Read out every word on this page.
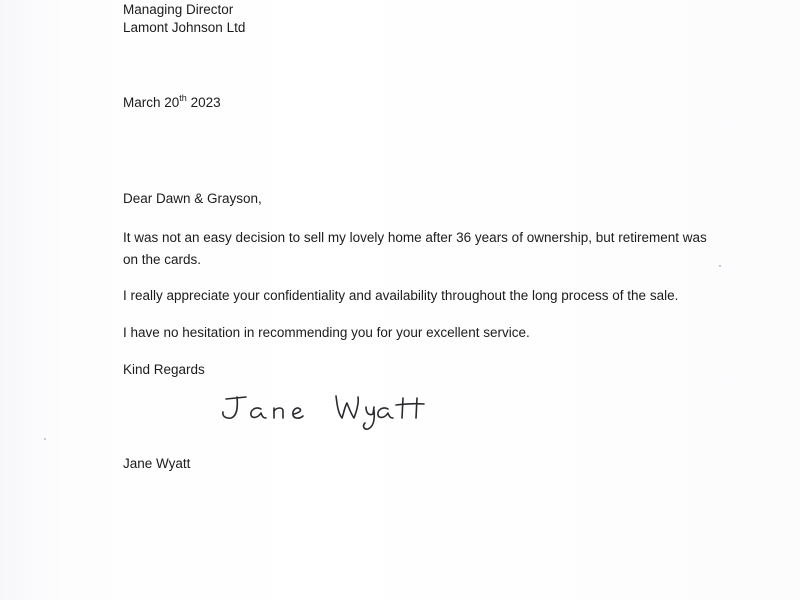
Managing Director

Lamont Johnson Ltd

March 20th 2023

Dear Dawn & Grayson,

It was not an easy decision to sell my lovely home after 36 years of ownership, but retirement was on the cards.

I really appreciate your confidentiality and availability throughout the long process of the sale.

I have no hesitation in recommending you for your excellent service.

Kind Regards

Jane Wyatt
